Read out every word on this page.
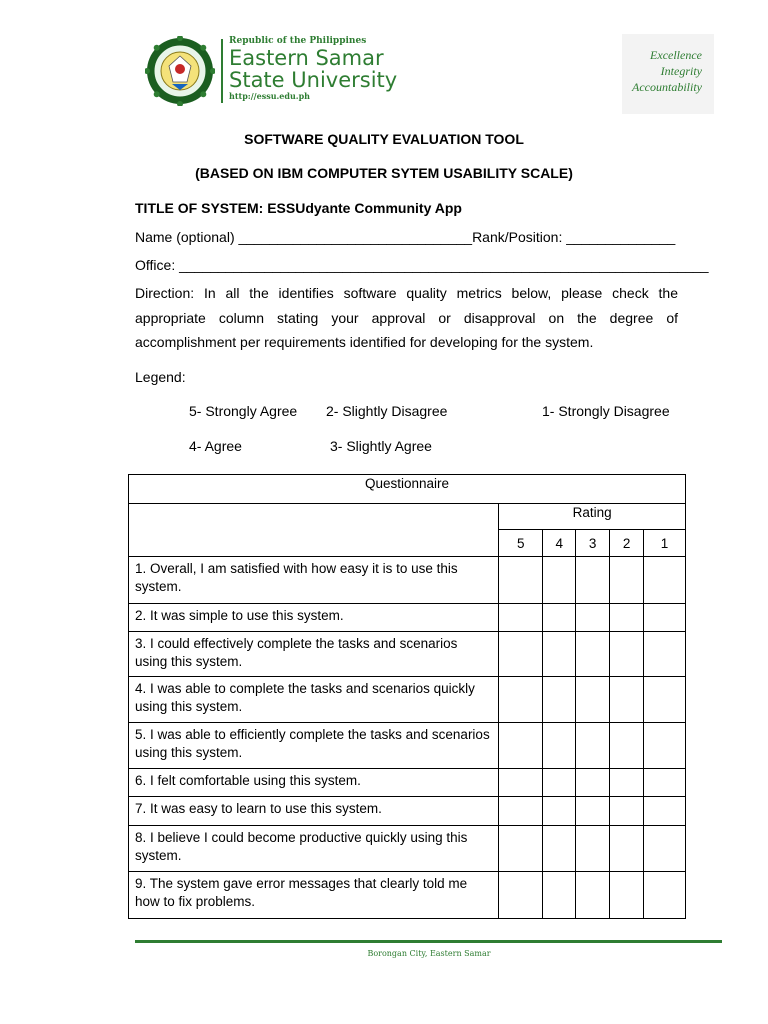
Republic of the Philippines
Eastern Samar
State University
http://essu.edu.ph
Excellence
Integrity
Accountability
SOFTWARE QUALITY EVALUATION TOOL
(BASED ON IBM COMPUTER SYTEM USABILITY SCALE)
TITLE OF SYSTEM: ESSUdyante Community App
Name (optional) ______________________________Rank/Position: ______________
Office: ____________________________________________________________________
Direction: In all the identifies software quality metrics below, please check the appropriate column stating your approval or disapproval on the degree of
accomplishment per requirements identified for developing for the system.
Legend:
5- Strongly Agree 2- Slightly Disagree	1- Strongly Disagree
4- Agree	3- Slightly Agree
Questionnaire					
	Rating				
	5	4	3	2	1
1. Overall, I am satisfied with how easy it is to use this system.					
2. It was simple to use this system.					
3. I could effectively complete the tasks and scenarios using this system.					
4. I was able to complete the tasks and scenarios quickly using this system.					
5. I was able to efficiently complete the tasks and scenarios using this system.					
6. I felt comfortable using this system.					
7. It was easy to learn to use this system.					
8. I believe I could become productive quickly using this system.					
9. The system gave error messages that clearly told me how to fix problems.					
Borongan City, Eastern Samar
